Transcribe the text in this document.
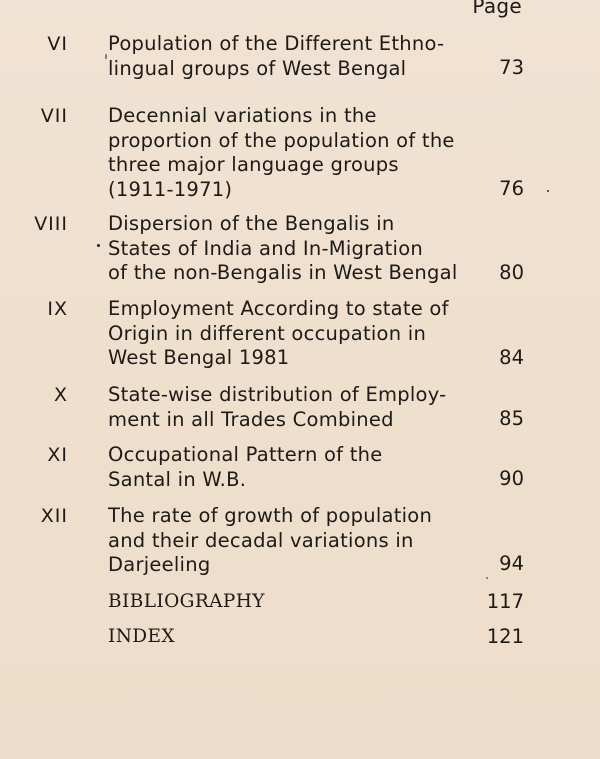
Page
VI Population of the Different Ethno-
lingual groups of West Bengal	73
VII Decennial variations in the
proportion of the population of the
three major language groups
(1911-1971)	76
VIII Dispersion of the Bengalis in
States of India and In-Migration
of the non-Bengalis in West Bengal	80
IX Employment According to state of
Origin in different occupation in
West Bengal 1981	84
X State-wise distribution of Employ-
ment in all Trades Combined	85
XI Occupational Pattern of the
Santal in W.B.	90
XII The rate of growth of population
and their decadal variations in
Darjeeling	94
BIBLIOGRAPHY	117
INDEX	121
